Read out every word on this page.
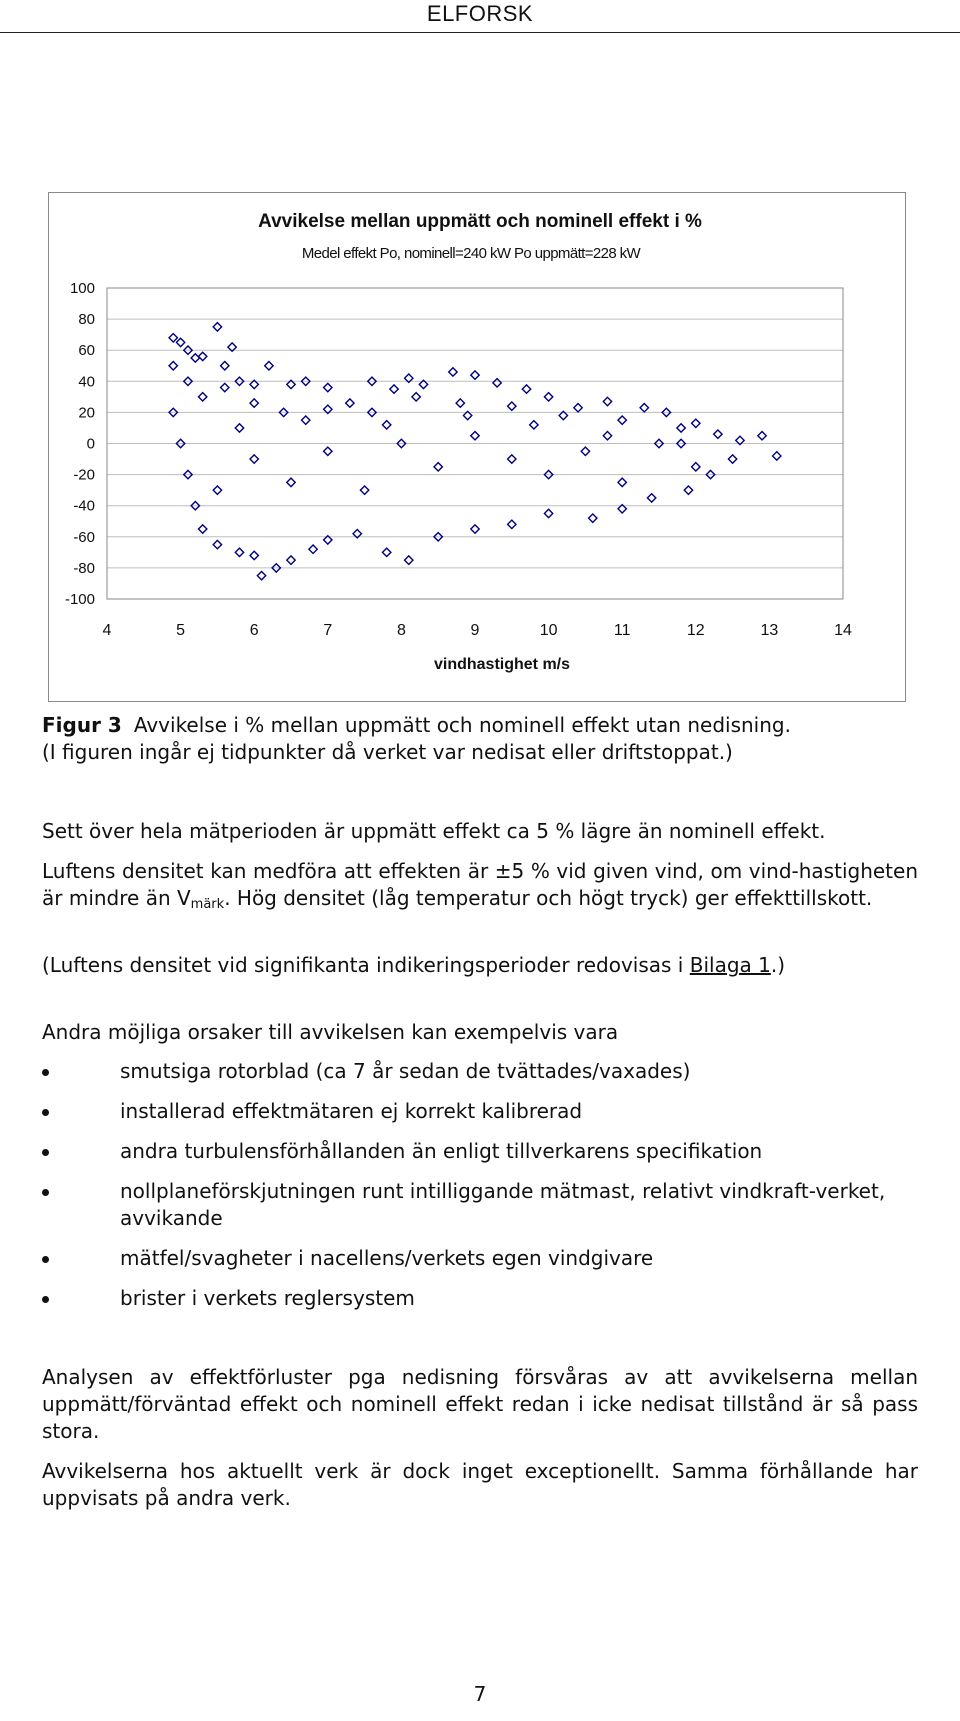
ELFORSK
Avvikelse mellan uppmätt och nominell effekt i %
Medel effekt Po, nominell=240 kW Po uppmätt=228 kW
100
80
60
40
20
0
-20
-40
-60
-80
-100
4	5	6	7	8	9	10	11	12	13	14
vindhastighet m/s
Figur 3 Avvikelse i % mellan uppmätt och nominell effekt utan nedisning.
(I figuren ingår ej tidpunkter då verket var nedisat eller driftstoppat.)

Sett över hela mätperioden är uppmätt effekt ca 5 % lägre än nominell effekt.

Luftens densitet kan medföra att effekten är ±5 % vid given vind, om vind-hastigheten är mindre än $V_{märk}$. Hög densitet (låg temperatur och högt tryck) ger effekttillskott.

(Luftens densitet vid signifikanta indikeringsperioder redovisas i Bilaga 1.)

Andra möjliga orsaker till avvikelsen kan exempelvis vara

smutsiga rotorblad (ca 7 år sedan de tvättades/vaxades)
installerad effektmätaren ej korrekt kalibrerad
andra turbulensförhållanden än enligt tillverkarens specifikation
nollplaneförskjutningen runt intilliggande mätmast, relativt vindkraft-verket, avvikande
mätfel/svagheter i nacellens/verkets egen vindgivare
brister i verkets reglersystem

Analysen av effektförluster pga nedisning försvåras av att avvikelserna mellan uppmätt/förväntad effekt och nominell effekt redan i icke nedisat tillstånd är så pass stora.

Avvikelserna hos aktuellt verk är dock inget exceptionellt. Samma förhållande har uppvisats på andra verk.

7
